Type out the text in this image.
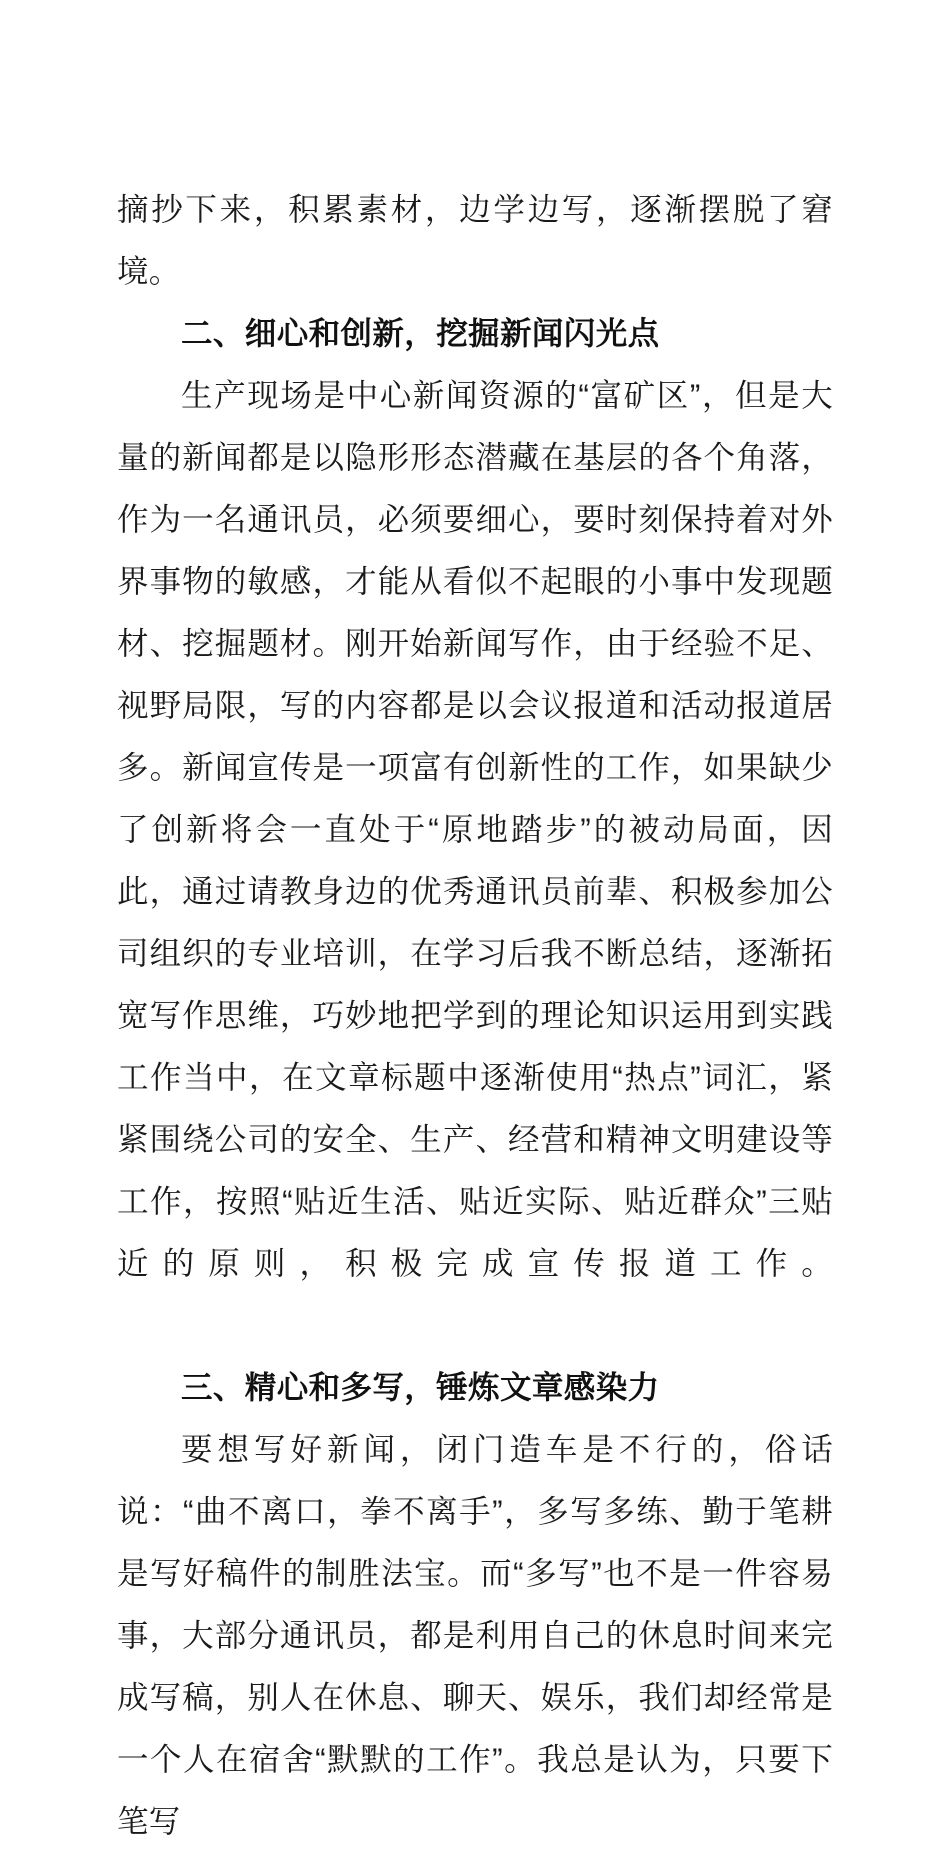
摘抄下来，积累素材，边学边写，逐渐摆脱了窘境。

二、细心和创新，挖掘新闻闪光点

生产现场是中心新闻资源的“富矿区”，但是大量的新闻都是以隐形形态潜藏在基层的各个角落，作为一名通讯员，必须要细心，要时刻保持着对外界事物的敏感，才能从看似不起眼的小事中发现题材、挖掘题材。刚开始新闻写作，由于经验不足、视野局限，写的内容都是以会议报道和活动报道居多。新闻宣传是一项富有创新性的工作，如果缺少了创新将会一直处于“原地踏步”的被动局面，因此，通过请教身边的优秀通讯员前辈、积极参加公司组织的专业培训，在学习后我不断总结，逐渐拓宽写作思维，巧妙地把学到的理论知识运用到实践工作当中，在文章标题中逐渐使用“热点”词汇，紧紧围绕公司的安全、生产、经营和精神文明建设等工作，按照“贴近生活、贴近实际、贴近群众”三贴近的原则，积极完成宣传报道工作。

三、精心和多写，锤炼文章感染力

要想写好新闻，闭门造车是不行的，俗话说：“曲不离口，拳不离手”，多写多练、勤于笔耕是写好稿件的制胜法宝。而“多写”也不是一件容易事，大部分通讯员，都是利用自己的休息时间来完成写稿，别人在休息、聊天、娱乐，我们却经常是一个人在宿舍“默默的工作”。我总是认为，只要下笔写
